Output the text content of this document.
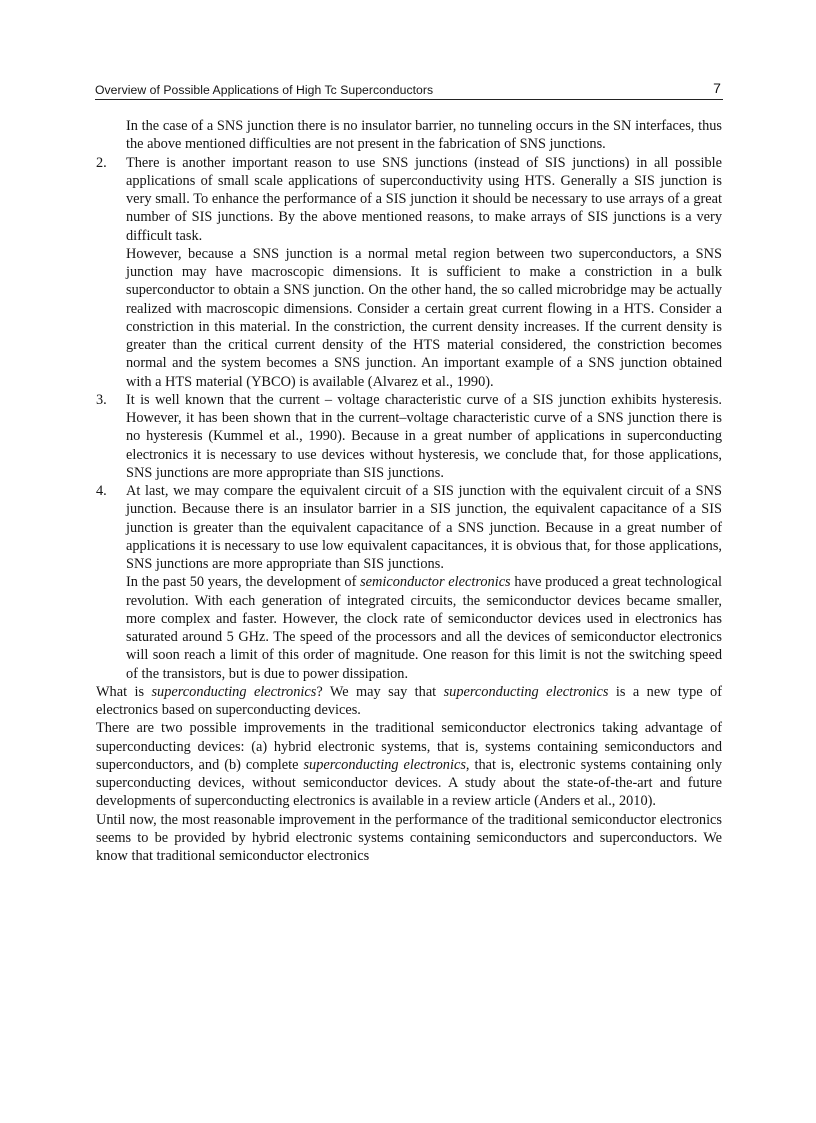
Overview of Possible Applications of High Tc Superconductors	7

In the case of a SNS junction there is no insulator barrier, no tunneling occurs in the SN interfaces, thus the above mentioned difficulties are not present in the fabrication of SNS junctions.

2. There is another important reason to use SNS junctions (instead of SIS junctions) in all possible applications of small scale applications of superconductivity using HTS. Generally a SIS junction is very small. To enhance the performance of a SIS junction it should be necessary to use arrays of a great number of SIS junctions. By the above mentioned reasons, to make arrays of SIS junctions is a very difficult task.

However, because a SNS junction is a normal metal region between two superconductors, a SNS junction may have macroscopic dimensions. It is sufficient to make a constriction in a bulk superconductor to obtain a SNS junction. On the other hand, the so called microbridge may be actually realized with macroscopic dimensions. Consider a certain great current flowing in a HTS. Consider a constriction in this material. In the constriction, the current density increases. If the current density is greater than the critical current density of the HTS material considered, the constriction becomes normal and the system becomes a SNS junction. An important example of a SNS junction obtained with a HTS material (YBCO) is available (Alvarez et al., 1990).

3. It is well known that the current – voltage characteristic curve of a SIS junction exhibits hysteresis. However, it has been shown that in the current–voltage characteristic curve of a SNS junction there is no hysteresis (Kummel et al., 1990). Because in a great number of applications in superconducting electronics it is necessary to use devices without hysteresis, we conclude that, for those applications, SNS junctions are more appropriate than SIS junctions.

4. At last, we may compare the equivalent circuit of a SIS junction with the equivalent circuit of a SNS junction. Because there is an insulator barrier in a SIS junction, the equivalent capacitance of a SIS junction is greater than the equivalent capacitance of a SNS junction. Because in a great number of applications it is necessary to use low equivalent capacitances, it is obvious that, for those applications, SNS junctions are more appropriate than SIS junctions.

In the past 50 years, the development of semiconductor electronics have produced a great technological revolution. With each generation of integrated circuits, the semiconductor devices became smaller, more complex and faster. However, the clock rate of semiconductor devices used in electronics has saturated around 5 GHz. The speed of the processors and all the devices of semiconductor electronics will soon reach a limit of this order of magnitude. One reason for this limit is not the switching speed of the transistors, but is due to power dissipation.

What is superconducting electronics? We may say that superconducting electronics is a new type of electronics based on superconducting devices.

There are two possible improvements in the traditional semiconductor electronics taking advantage of superconducting devices: (a) hybrid electronic systems, that is, systems containing semiconductors and superconductors, and (b) complete superconducting electronics, that is, electronic systems containing only superconducting devices, without semiconductor devices. A study about the state-of-the-art and future developments of superconducting electronics is available in a review article (Anders et al., 2010).

Until now, the most reasonable improvement in the performance of the traditional semiconductor electronics seems to be provided by hybrid electronic systems containing semiconductors and superconductors. We know that traditional semiconductor electronics
